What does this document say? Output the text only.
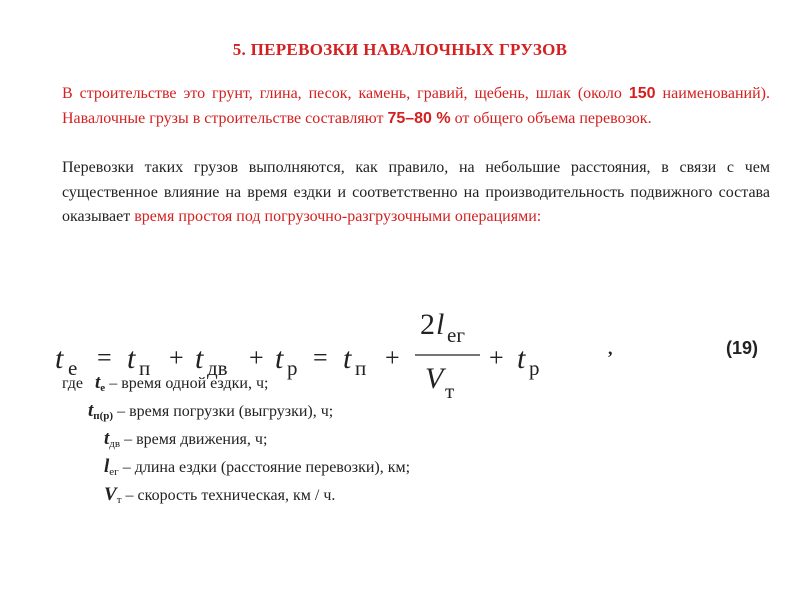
5. ПЕРЕВОЗКИ НАВАЛОЧНЫХ ГРУЗОВ
В строительстве это грунт, глина, песок, камень, гравий, щебень, шлак (около 150 наименований). Навалочные грузы в строительстве составляют 75–80 % от общего объема перевозок.
Перевозки таких грузов выполняются, как правило, на небольшие расстояния, в связи с чем существенное влияние на время ездки и соответственно на производительность подвижного состава оказывает время простоя под погрузочно-разгрузочными операциями:
t е = t п + t дв + t р = t п +
2 l ег
V т
+ t р
,	(19)
где tе – время одной ездки, ч;
tп(р) – время погрузки (выгрузки), ч;
$t_{дв}$ – время движения, ч;
$l_{ег}$ – длина ездки (расстояние перевозки), км;
$V_т$ – скорость техническая, км / ч.
